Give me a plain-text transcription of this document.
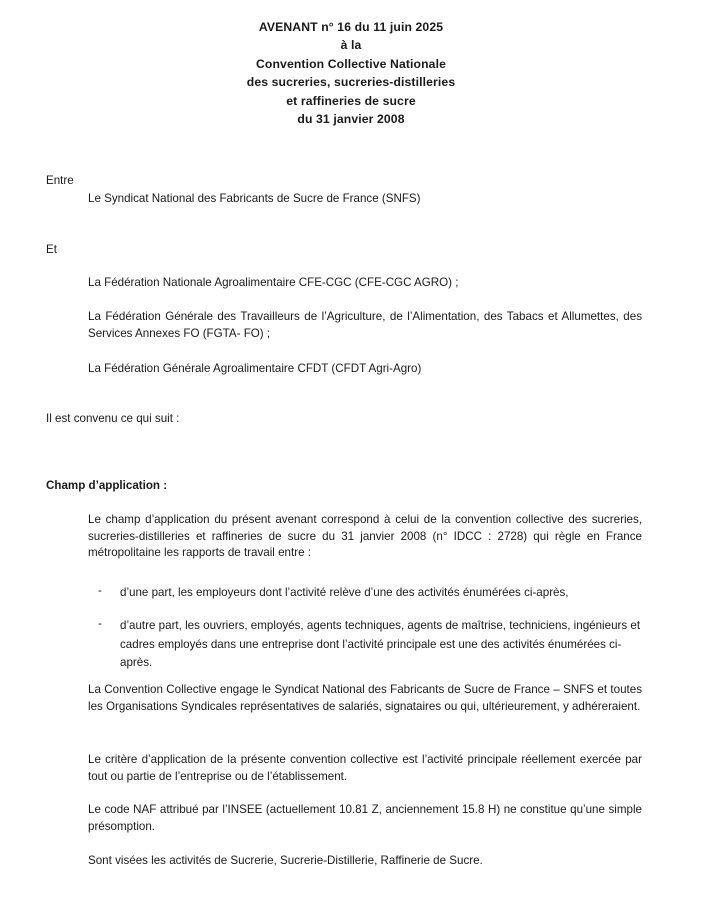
AVENANT n° 16 du 11 juin 2025
à la
Convention Collective Nationale
des sucreries, sucreries-distilleries
et raffineries de sucre
du 31 janvier 2008
Entre
Le Syndicat National des Fabricants de Sucre de France (SNFS)
Et
La Fédération Nationale Agroalimentaire CFE-CGC (CFE-CGC AGRO) ;
La Fédération Générale des Travailleurs de l’Agriculture, de l’Alimentation, des Tabacs et Allumettes, des Services Annexes FO (FGTA- FO) ;
La Fédération Générale Agroalimentaire CFDT (CFDT Agri-Agro)
Il est convenu ce qui suit :
Champ d’application :
Le champ d’application du présent avenant correspond à celui de la convention collective des sucreries, sucreries-distilleries et raffineries de sucre du 31 janvier 2008 (n° IDCC : 2728) qui règle en France métropolitaine les rapports de travail entre :
- d’une part, les employeurs dont l’activité relève d’une des activités énumérées ci-après,
- d’autre part, les ouvriers, employés, agents techniques, agents de maîtrise, techniciens, ingénieurs et cadres employés dans une entreprise dont l’activité principale est une des activités énumérées ci-après.
La Convention Collective engage le Syndicat National des Fabricants de Sucre de France – SNFS et toutes les Organisations Syndicales représentatives de salariés, signataires ou qui, ultérieurement, y adhéreraient.
Le critère d’application de la présente convention collective est l’activité principale réellement exercée par tout ou partie de l’entreprise ou de l’établissement.
Le code NAF attribué par l’INSEE (actuellement 10.81 Z, anciennement 15.8 H) ne constitue qu’une simple présomption.
Sont visées les activités de Sucrerie, Sucrerie-Distillerie, Raffinerie de Sucre.
